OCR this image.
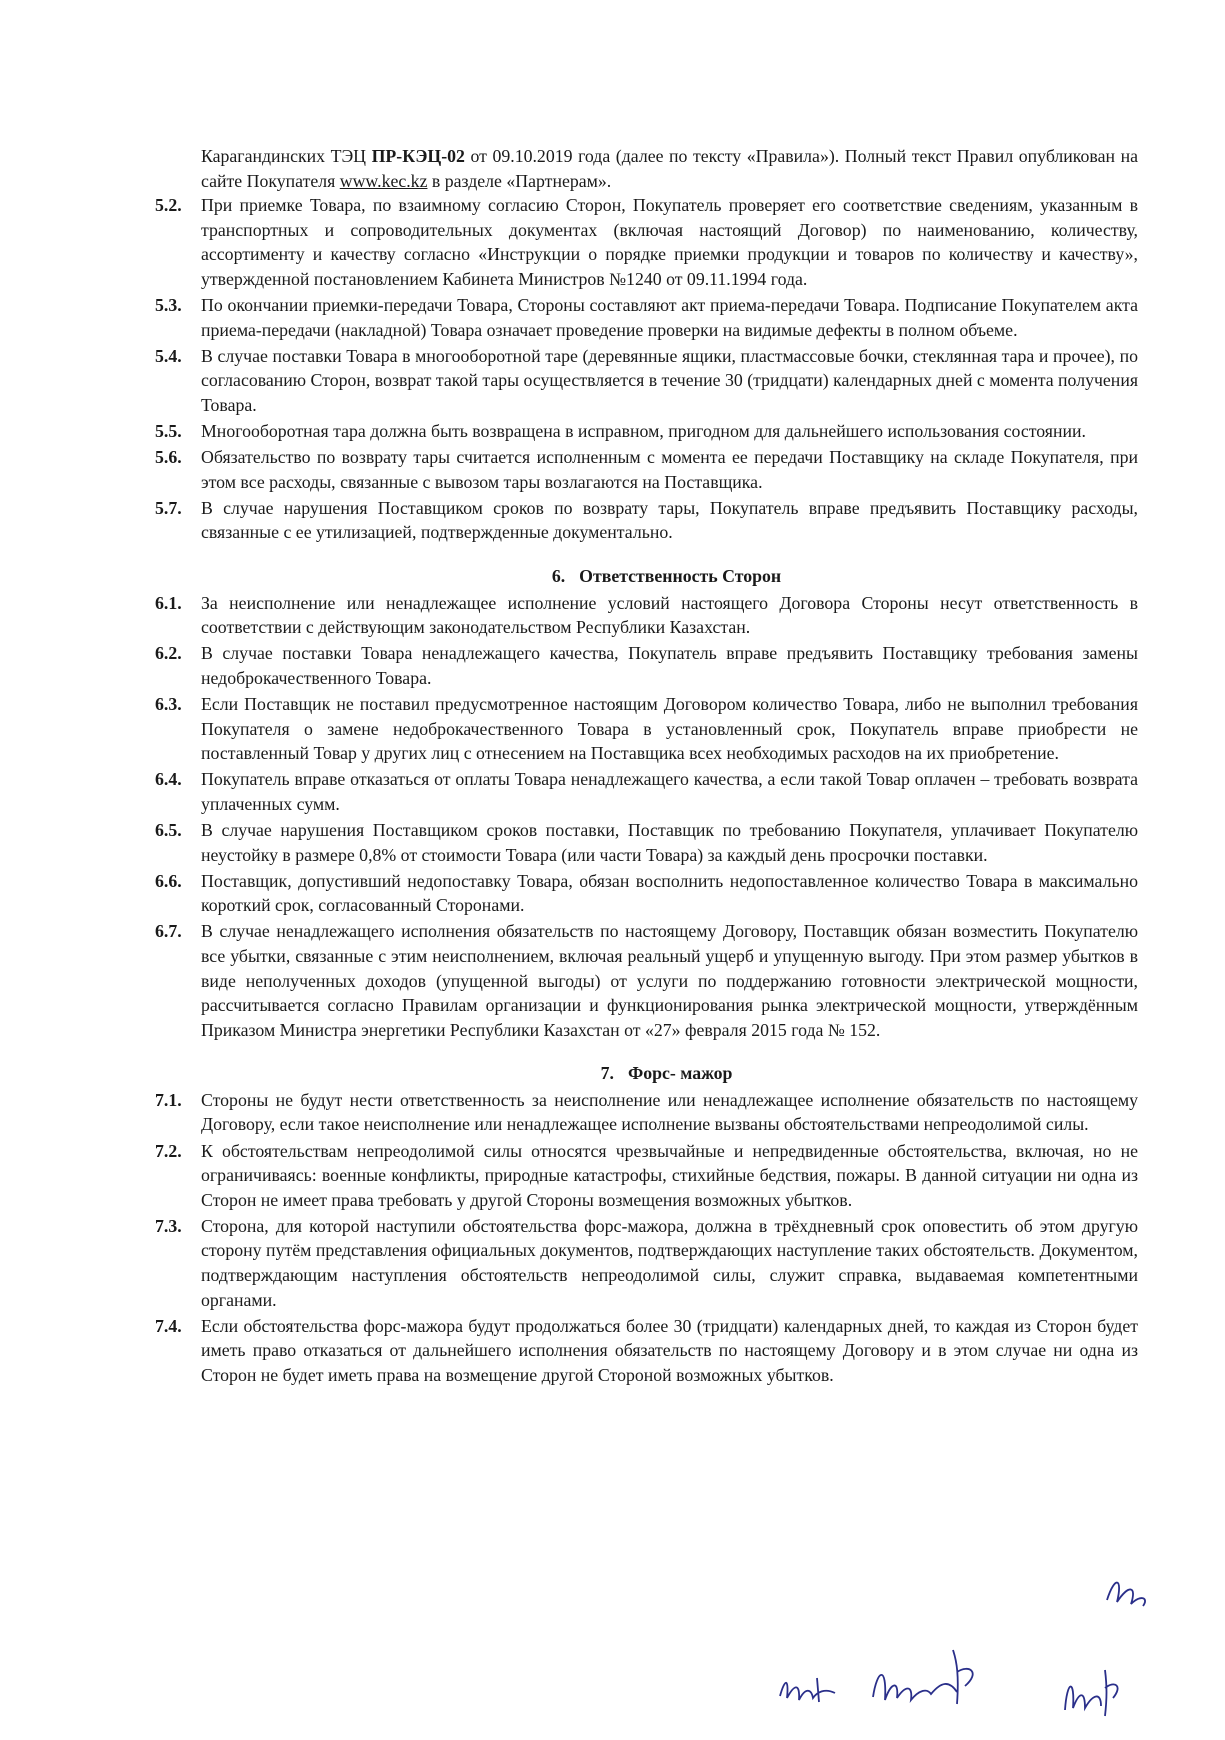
Карагандинских ТЭЦ ПР-КЭЦ-02 от 09.10.2019 года (далее по тексту «Правила»). Полный текст Правил опубликован на сайте Покупателя www.kec.kz в разделе «Партнерам».
5.2.	При приемке Товара, по взаимному согласию Сторон, Покупатель проверяет его соответствие сведениям, указанным в транспортных и сопроводительных документах (включая настоящий Договор) по наименованию, количеству, ассортименту и качеству согласно «Инструкции о порядке приемки продукции и товаров по количеству и качеству», утвержденной постановлением Кабинета Министров №1240 от 09.11.1994 года.
5.3.	По окончании приемки-передачи Товара, Стороны составляют акт приема-передачи Товара. Подписание Покупателем акта приема-передачи (накладной) Товара означает проведение проверки на видимые дефекты в полном объеме.
5.4.	В случае поставки Товара в многооборотной таре (деревянные ящики, пластмассовые бочки, стеклянная тара и прочее), по согласованию Сторон, возврат такой тары осуществляется в течение 30 (тридцати) календарных дней с момента получения Товара.
5.5.	Многооборотная тара должна быть возвращена в исправном, пригодном для дальнейшего использования состоянии.
5.6.	Обязательство по возврату тары считается исполненным с момента ее передачи Поставщику на складе Покупателя, при этом все расходы, связанные с вывозом тары возлагаются на Поставщика.
5.7.	В случае нарушения Поставщиком сроков по возврату тары, Покупатель вправе предъявить Поставщику расходы, связанные с ее утилизацией, подтвержденные документально.
6. Ответственность Сторон
6.1.	За неисполнение или ненадлежащее исполнение условий настоящего Договора Стороны несут ответственность в соответствии с действующим законодательством Республики Казахстан.
6.2.	В случае поставки Товара ненадлежащего качества, Покупатель вправе предъявить Поставщику требования замены недоброкачественного Товара.
6.3.	Если Поставщик не поставил предусмотренное настоящим Договором количество Товара, либо не выполнил требования Покупателя о замене недоброкачественного Товара в установленный срок, Покупатель вправе приобрести не поставленный Товар у других лиц с отнесением на Поставщика всех необходимых расходов на их приобретение.
6.4.	Покупатель вправе отказаться от оплаты Товара ненадлежащего качества, а если такой Товар оплачен – требовать возврата уплаченных сумм.
6.5.	В случае нарушения Поставщиком сроков поставки, Поставщик по требованию Покупателя, уплачивает Покупателю неустойку в размере 0,8% от стоимости Товара (или части Товара) за каждый день просрочки поставки.
6.6.	Поставщик, допустивший недопоставку Товара, обязан восполнить недопоставленное количество Товара в максимально короткий срок, согласованный Сторонами.
6.7.	В случае ненадлежащего исполнения обязательств по настоящему Договору, Поставщик обязан возместить Покупателю все убытки, связанные с этим неисполнением, включая реальный ущерб и упущенную выгоду. При этом размер убытков в виде неполученных доходов (упущенной выгоды) от услуги по поддержанию готовности электрической мощности, рассчитывается согласно Правилам организации и функционирования рынка электрической мощности, утверждённым Приказом Министра энергетики Республики Казахстан от «27» февраля 2015 года № 152.
7. Форс- мажор
7.1.	Стороны не будут нести ответственность за неисполнение или ненадлежащее исполнение обязательств по настоящему Договору, если такое неисполнение или ненадлежащее исполнение вызваны обстоятельствами непреодолимой силы.
7.2.	К обстоятельствам непреодолимой силы относятся чрезвычайные и непредвиденные обстоятельства, включая, но не ограничиваясь: военные конфликты, природные катастрофы, стихийные бедствия, пожары. В данной ситуации ни одна из Сторон не имеет права требовать у другой Стороны возмещения возможных убытков.
7.3.	Сторона, для которой наступили обстоятельства форс-мажора, должна в трёхдневный срок оповестить об этом другую сторону путём представления официальных документов, подтверждающих наступление таких обстоятельств. Документом, подтверждающим наступления обстоятельств непреодолимой силы, служит справка, выдаваемая компетентными органами.
7.4.	Если обстоятельства форс-мажора будут продолжаться более 30 (тридцати) календарных дней, то каждая из Сторон будет иметь право отказаться от дальнейшего исполнения обязательств по настоящему Договору и в этом случае ни одна из Сторон не будет иметь права на возмещение другой Стороной возможных убытков.
